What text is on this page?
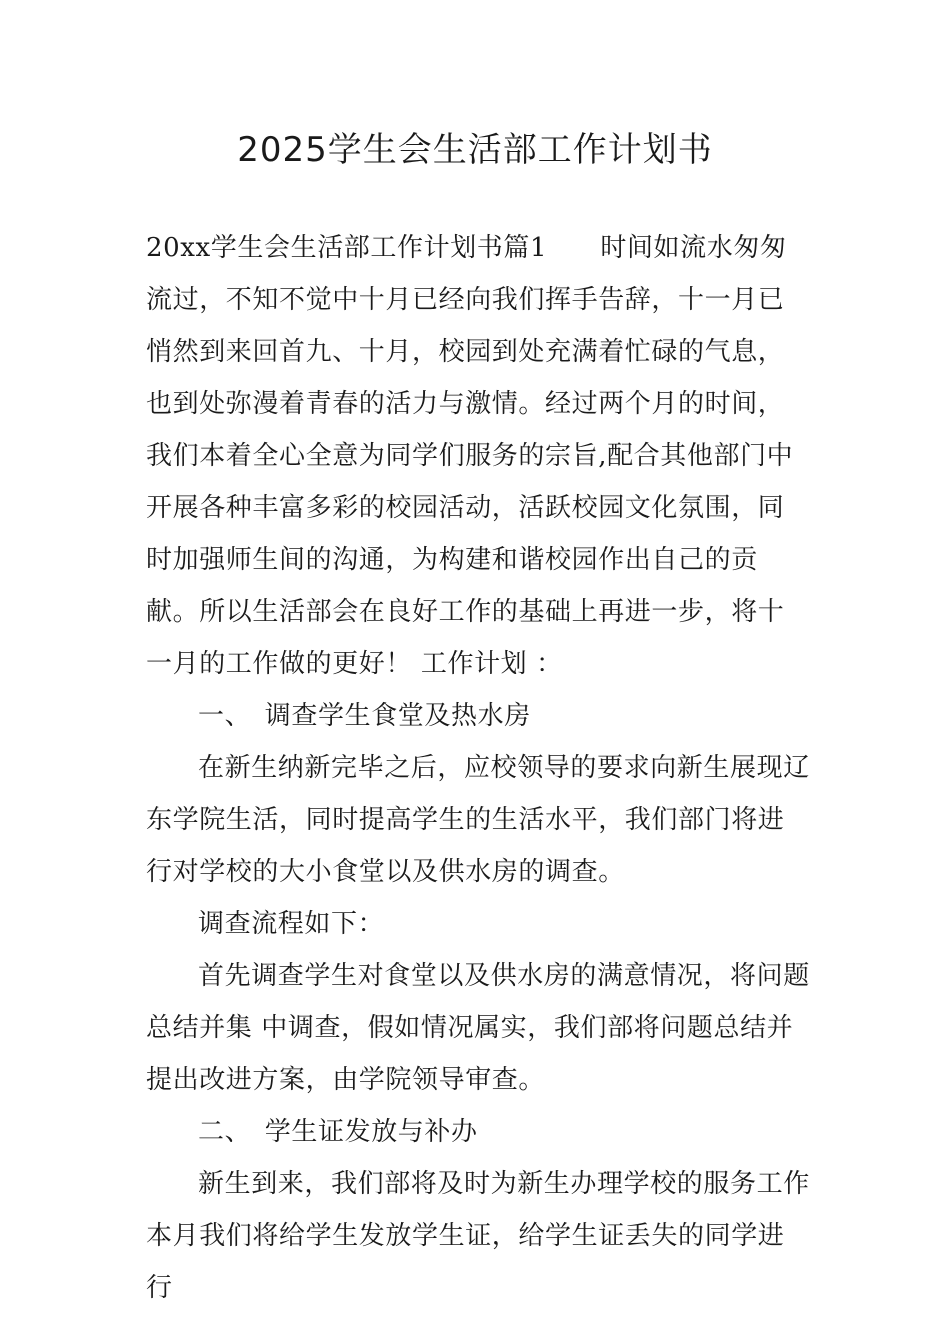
2025学生会生活部工作计划书

20xx学生会生活部工作计划书篇1　　时间如流水匆匆流过，不知不觉中十月已经向我们挥手告辞，十一月已悄然到来回首九、十月，校园到处充满着忙碌的气息，也到处弥漫着青春的活力与激情。经过两个月的时间，我们本着全心全意为同学们服务的宗旨,配合其他部门中开展各种丰富多彩的校园活动，活跃校园文化氛围，同时加强师生间的沟通，为构建和谐校园作出自己的贡献。所以生活部会在良好工作的基础上再进一步，将十一月的工作做的更好！ 工作计划 ：

一、　调查学生食堂及热水房

在新生纳新完毕之后，应校领导的要求向新生展现辽东学院生活，同时提高学生的生活水平，我们部门将进行对学校的大小食堂以及供水房的调查。

调查流程如下：

首先调查学生对食堂以及供水房的满意情况，将问题总结并集 中调查，假如情况属实，我们部将问题总结并提出改进方案，由学院领导审查。

二、　学生证发放与补办

新生到来，我们部将及时为新生办理学校的服务工作本月我们将给学生发放学生证，给学生证丢失的同学进行
